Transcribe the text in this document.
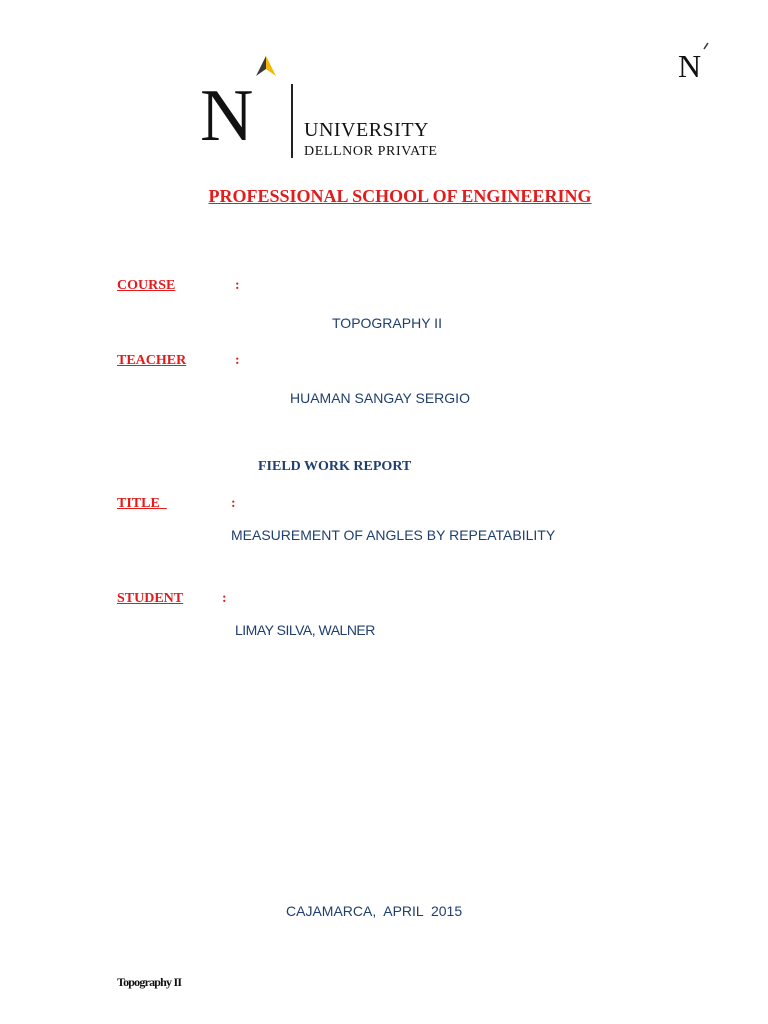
N
N	UNIVERSITY
DELLNOR PRIVATE
PROFESSIONAL SCHOOL OF ENGINEERING
COURSE	:
TOPOGRAPHY II
TEACHER	:
HUAMAN SANGAY SERGIO
FIELD WORK REPORT
TITLE	:
MEASUREMENT OF ANGLES BY REPEATABILITY
STUDENT	:
LIMAY SILVA, WALNER
CAJAMARCA,  APRIL  2015
Topography II
